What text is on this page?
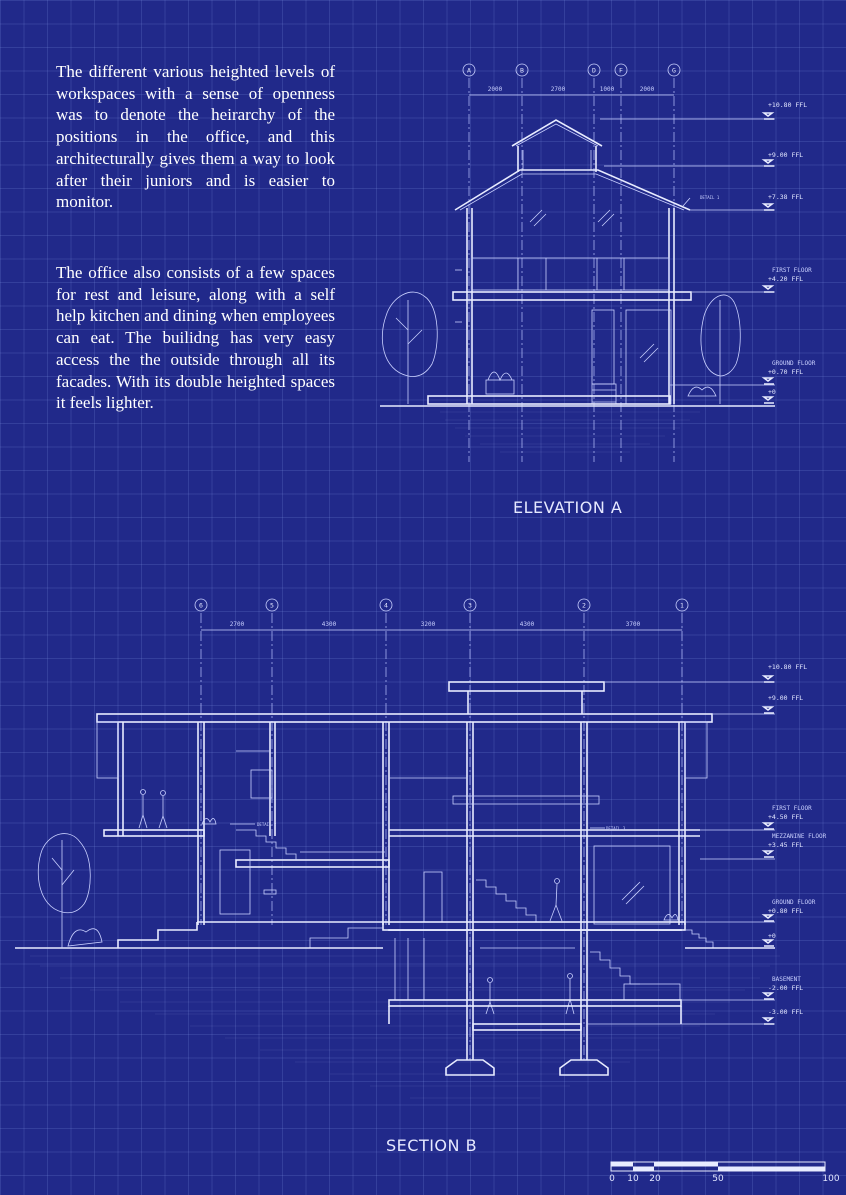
The different various heighted levels of workspaces with a sense of openness was to denote the heirarchy of the positions in the office, and this architecturally gives them a way to look after their juniors and is easier to monitor.

The office also consists of a few spaces for rest and leisure, along with a self help kitchen and dining when employees can eat. The builidng has very easy access the the outside through all its facades. With its double heighted spaces it feels lighter.

ELEVATION A
SECTION B
A	B	D	F	G
2000	2700	1000	2000
DETAIL 1
+10.80 FFL
+9.00 FFL
+7.38 FFL
FIRST FLOOR
+4.20 FFL
GROUND FLOOR
+0.70 FFL
+0
6	5	4	3	2	1
2700	4300	3200	4300	3700
DETAIL 2
DETAIL 3
+10.80 FFL
+9.00 FFL
FIRST FLOOR
+4.50 FFL
MEZZANINE FLOOR
+3.45 FFL
GROUND FLOOR
+0.80 FFL
+0
BASEMENT
-2.00 FFL
-3.00 FFL
0 10 20	50	100
